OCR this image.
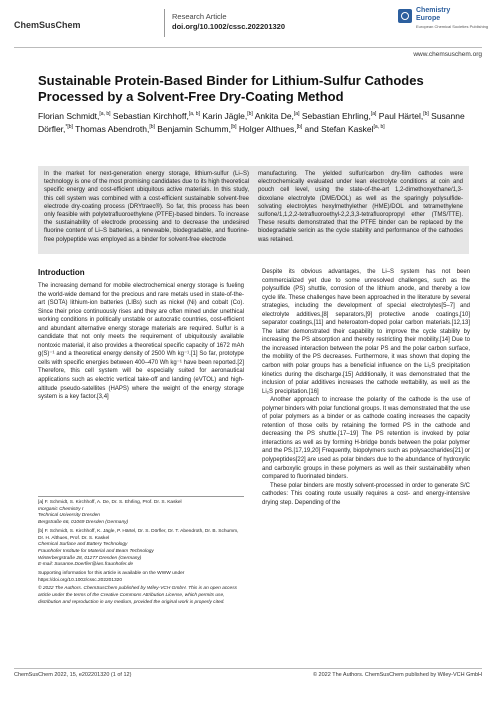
ChemSusChem
Research Article
doi.org/10.1002/cssc.202201320
Chemistry
Europe
European Chemical Societies Publishing
www.chemsuschem.org
Sustainable Protein-Based Binder for Lithium-Sulfur Cathodes Processed by a Solvent-Free Dry-Coating Method
Florian Schmidt,[a, b] Sebastian Kirchhoff,[a, b] Karin Jägle,[b] Ankita De,[a] Sebastian Ehrling,[a] Paul Härtel,[b] Susanne Dörfler,$^{*[b]}$ Thomas Abendroth,[b] Benjamin Schumm,[b] Holger Althues,[b] and Stefan Kaskel[a, b]
In the market for next-generation energy storage, lithium-sulfur (Li–S) technology is one of the most promising candidates due to its high theoretical specific energy and cost-efficient ubiquitous active materials. In this study, this cell system was combined with a cost-efficient sustainable solvent-free electrode dry-coating process (DRYtraec®). So far, this process has been only feasible with polytetrafluoroethylene (PTFE)-based binders. To increase the sustainability of electrode processing and to decrease the undesired fluorine content of Li–S batteries, a renewable, biodegradable, and fluorine-free polypeptide was employed as a binder for solvent-free electrode
manufacturing. The yielded sulfur/carbon dry-film cathodes were electrochemically evaluated under lean electrolyte conditions at coin and pouch cell level, using the state-of-the-art 1,2-dimethoxyethane/1,3-dioxolane electrolyte (DME/DOL) as well as the sparingly polysulfide-solvating electrolytes hexylmethylether (HME)/DOL and tetramethylene sulfone/1,1,2,2-tetrafluoroethyl-2,2,3,3-tetrafluoropropyl ether (TMS/TTE). These results demonstrated that the PTFE binder can be replaced by the biodegradable sericin as the cycle stability and performance of the cathodes was retained.
Introduction

The increasing demand for mobile electrochemical energy storage is fueling the world-wide demand for the precious and rare metals used in state-of-the-art (SOTA) lithium-ion batteries (LIBs) such as nickel (Ni) and cobalt (Co). Since their price continuously rises and they are often mined under unethical working conditions in politically unstable or autocratic countries, cost-efficient and abundant alternative energy storage materials are required. Sulfur is a candidate that not only meets the requirement of ubiquitously available nontoxic material, it also provides a theoretical specific capacity of 1672 mAh g(S)⁻¹ and a theoretical energy density of 2500 Wh kg⁻¹.[1] So far, prototype cells with specific energies between 400–470 Wh kg⁻¹ have been reported.[2] Therefore, this cell system will be especially suited for aeronautical applications such as electric vertical take-off and landing (eVTOL) and high-altitude pseudo-satellites (HAPS) where the weight of the energy storage system is a key factor.[3,4]

Despite its obvious advantages, the Li–S system has not been commercialized yet due to some unresolved challenges, such as the polysulfide (PS) shuttle, corrosion of the lithium anode, and thereby a low cycle life. These challenges have been approached in the literature by several strategies, including the development of special electrolytes[5–7] and electrolyte additives,[8] separators,[9] protective anode coatings,[10] separator coatings,[11] and heteroatom-doped polar carbon materials.[12,13] The latter demonstrated their capability to improve the cycle stability by increasing the PS absorption and thereby restricting their mobility.[14] Due to the increased interaction between the polar PS and the polar carbon surface, the mobility of the PS decreases. Furthermore, it was shown that doping the carbon with polar groups has a beneficial influence on the Li₂S precipitation kinetics during the discharge.[15] Additionally, it was demonstrated that the inclusion of polar additives increases the cathode wettability, as well as the Li₂S precipitation.[16]

Another approach to increase the polarity of the cathode is the use of polymer binders with polar functional groups. It was demonstrated that the use of polar polymers as a binder or as cathode coating increases the capacity retention of those cells by retaining the formed PS in the cathode and decreasing the PS shuttle.[17–19] The PS retention is invoked by polar interactions as well as by forming H-bridge bonds between the polar polymer and the PS.[17,19,20] Frequently, biopolymers such as polysaccharides[21] or polypeptides[22] are used as polar binders due to the abundance of hydroxylic and carboxylic groups in these polymers as well as their sustainability when compared to fluorinated binders.

These polar binders are mostly solvent-processed in order to generate S/C cathodes: This coating route usually requires a cost- and energy-intensive drying step. Depending of the

[a] F. Schmidt, S. Kirchhoff, A. De, Dr. S. Ehrling, Prof. Dr. S. Kaskel
Inorganic Chemistry I
Technical University Dresden
Bergstraße 66, 01069 Dresden (Germany)
[b] F. Schmidt, S. Kirchhoff, K. Jägle, P. Härtel, Dr. S. Dörfler, Dr. T. Abendroth, Dr. B. Schumm, Dr. H. Althues, Prof. Dr. S. Kaskel
Chemical Surface and Battery Technology
Fraunhofer Institute for Material and Beam Technology
Winterbergstraße 28, 01277 Dresden (Germany)
E-mail: Susanne.Doerfler@iws.fraunhofer.de
Supporting information for this article is available on the WWW under https://doi.org/10.1002/cssc.202201320
© 2022 The Authors. ChemSusChem published by Wiley-VCH GmbH. This is an open access article under the terms of the Creative Commons Attribution License, which permits use, distribution and reproduction in any medium, provided the original work is properly cited.
ChemSusChem 2022, 15, e202201320 (1 of 12)	© 2022 The Authors. ChemSusChem published by Wiley-VCH GmbH
